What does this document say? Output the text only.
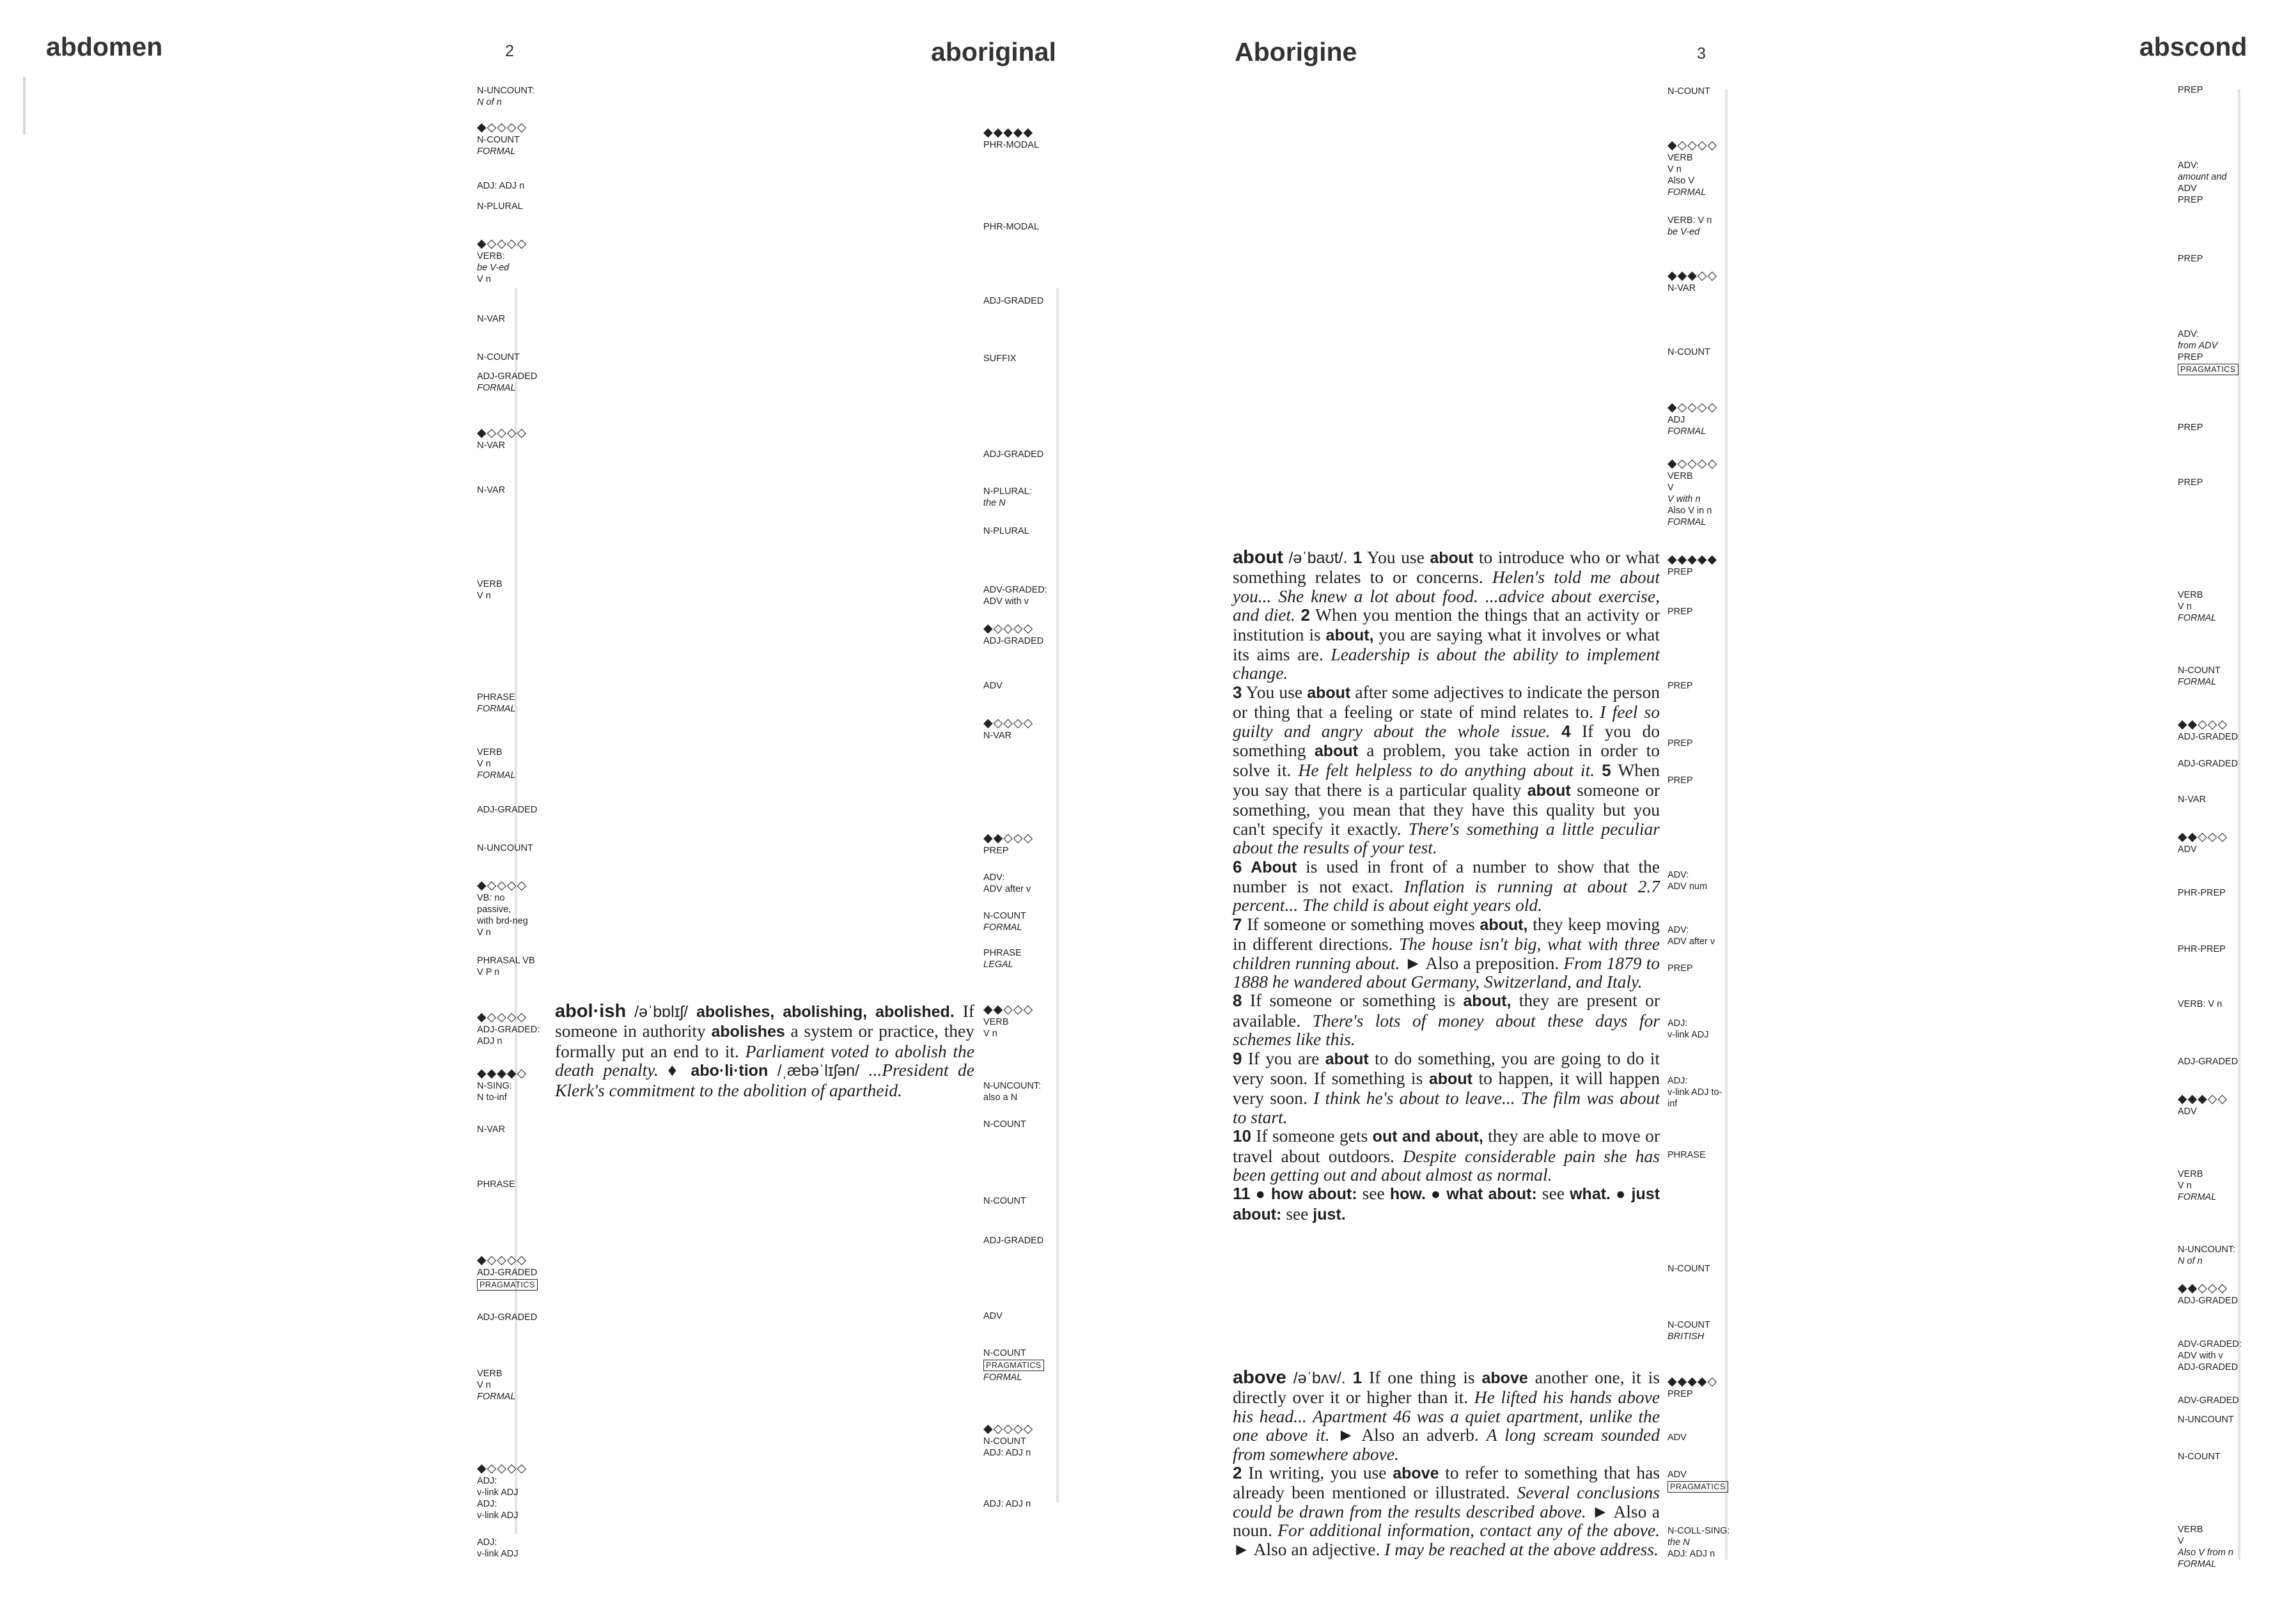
abdomen	2	aboriginal
N-UNCOUNT:
N of n
◆◇◇◇◇
N-COUNT
FORMAL
ADJ: ADJ n
N-PLURAL
◆◇◇◇◇
VERB:
be V-ed
V n
N-VAR
N-COUNT
ADJ-GRADED
FORMAL
◆◇◇◇◇
N-VAR
N-VAR
VERB
V n
PHRASE
FORMAL
VERB
V n
FORMAL
ADJ-GRADED
N-UNCOUNT
◆◇◇◇◇
VB: no
passive,
with brd-neg
V n
PHRASAL VB
V P n
◆◇◇◇◇
ADJ-GRADED:
ADJ n
◆◆◆◆◇
N-SING:
N to-inf
N-VAR
PHRASE
◆◇◇◇◇
ADJ-GRADED
PRAGMATICS

ADJ-GRADED
VERB
V n
FORMAL
◆◇◇◇◇
ADJ:
v-link ADJ
ADJ:
v-link ADJ
ADJ:
v-link ADJ
◆◆◆◆◆
PHR-MODAL
PHR-MODAL
ADJ-GRADED
SUFFIX
ADJ-GRADED
N-PLURAL:
the N
N-PLURAL
ADV-GRADED:
ADV with v
◆◇◇◇◇
ADJ-GRADED
ADV
◆◇◇◇◇
N-VAR
◆◆◇◇◇
PREP
ADV:
ADV after v
N-COUNT
FORMAL
PHRASE
LEGAL
◆◆◇◇◇
VERB
V n
N-UNCOUNT:
also a N
N-COUNT
N-COUNT
ADJ-GRADED
ADV
N-COUNT
PRAGMATICS

FORMAL
◆◇◇◇◇
N-COUNT
ADJ: ADJ n
ADJ: ADJ n
abol·ish /əˈbɒlɪʃ/ abolishes, abolishing, abolished. If someone in authority abolishes a system or practice, they formally put an end to it. Parliament voted to abolish the death penalty. ♦ abo·li·tion /ˌæbəˈlɪʃən/ ...President de Klerk's commitment to the abolition of apartheid.
Aborigine	3	abscond
N-COUNT
◆◇◇◇◇
VERB
V n
Also V
FORMAL
VERB: V n
be V-ed
◆◆◆◇◇
N-VAR
N-COUNT
◆◇◇◇◇
ADJ
FORMAL
◆◇◇◇◇
VERB
V
V with n
Also V in n
FORMAL
◆◆◆◆◆
PREP
PREP
PREP
PREP
PREP
ADV:
ADV num
ADV:
ADV after v
PREP
ADJ:
v-link ADJ
ADJ:
v-link ADJ to-
inf
PHRASE
N-COUNT
N-COUNT
BRITISH
◆◆◆◆◇
PREP
ADV
ADV
PRAGMATICS

N-COLL-SING:
the N
ADJ: ADJ n
PREP
ADV:
amount and
ADV
PREP
PREP
ADV:
from ADV
PREP
PRAGMATICS

PREP
PREP
VERB
V n
FORMAL
N-COUNT
FORMAL
◆◆◇◇◇
ADJ-GRADED
ADJ-GRADED
N-VAR
◆◆◇◇◇
ADV
PHR-PREP
PHR-PREP
VERB: V n
ADJ-GRADED
◆◆◆◇◇
ADV
VERB
V n
FORMAL
N-UNCOUNT:
N of n
◆◆◇◇◇
ADJ-GRADED
ADV-GRADED:
ADV with v
ADJ-GRADED
ADV-GRADED
N-UNCOUNT
N-COUNT
VERB
V
Also V from n
FORMAL
about /əˈbaʊt/. 1 You use about to introduce who or what something relates to or concerns. Helen's told me about you... She knew a lot about food. ...advice about exercise, and diet. 2 When you mention the things that an activity or institution is about, you are saying what it involves or what its aims are. Leadership is about the ability to implement change.
3 You use about after some adjectives to indicate the person or thing that a feeling or state of mind relates to. I feel so guilty and angry about the whole issue. 4 If you do something about a problem, you take action in order to solve it. He felt helpless to do anything about it. 5 When you say that there is a particular quality about someone or something, you mean that they have this quality but you can't specify it exactly. There's something a little peculiar about the results of your test.
6 About is used in front of a number to show that the number is not exact. Inflation is running at about 2.7 percent... The child is about eight years old.
7 If someone or something moves about, they keep moving in different directions. The house isn't big, what with three children running about. ► Also a preposition. From 1879 to 1888 he wandered about Germany, Switzerland, and Italy.
8 If someone or something is about, they are present or available. There's lots of money about these days for schemes like this.
9 If you are about to do something, you are going to do it very soon. If something is about to happen, it will happen very soon. I think he's about to leave... The film was about to start.
10 If someone gets out and about, they are able to move or travel about outdoors. Despite considerable pain she has been getting out and about almost as normal.
11 ● how about: see how. ● what about: see what. ● just about: see just.
above /əˈbʌv/. 1 If one thing is above another one, it is directly over it or higher than it. He lifted his hands above his head... Apartment 46 was a quiet apartment, unlike the one above it. ► Also an adverb. A long scream sounded from somewhere above.
2 In writing, you use above to refer to something that has already been mentioned or illustrated. Several conclusions could be drawn from the results described above. ► Also a noun. For additional information, contact any of the above. ► Also an adjective. I may be reached at the above address.
